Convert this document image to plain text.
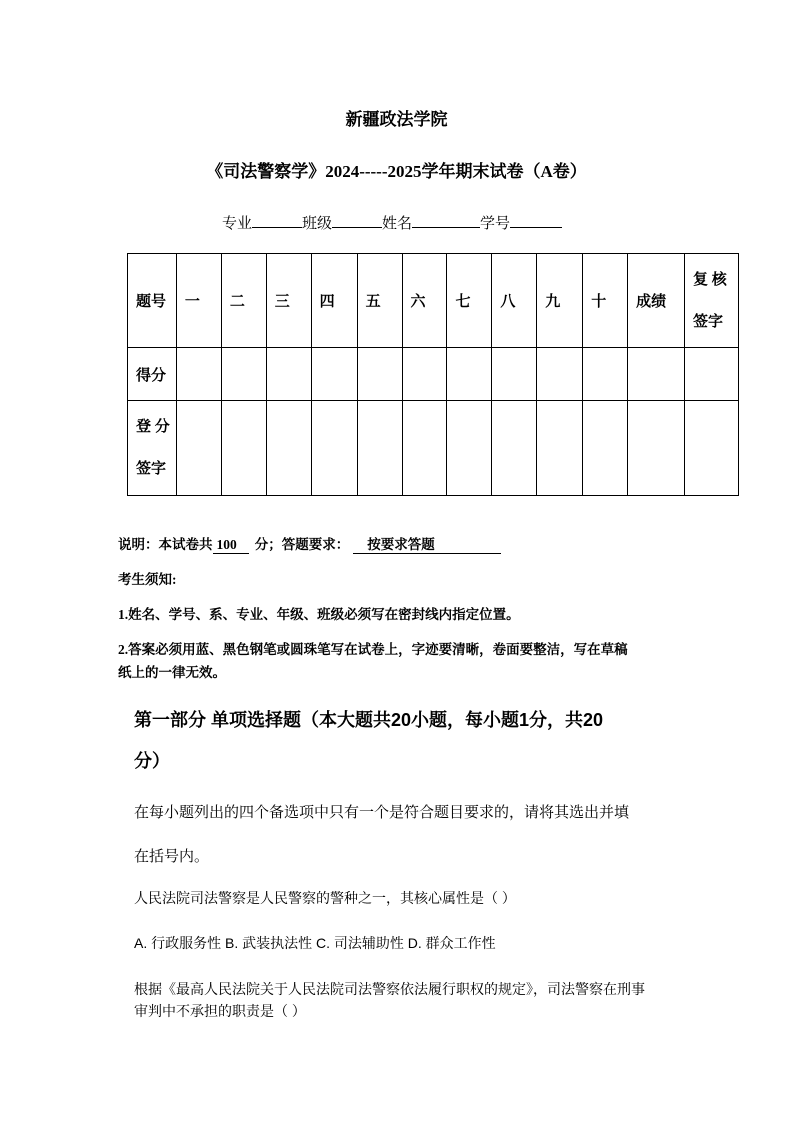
新疆政法学院
《司法警察学》2024-----2025学年期末试卷（A卷）
专业	班级	姓名	学号
题号	一	二	三	四	五	六	七	八	九	十	成绩	复 核
签字

得分												

登 分
签字												

说明：本试卷共 100 分；答题要求： 按要求答题
考生须知:
1.姓名、学号、系、专业、年级、班级必须写在密封线内指定位置。
2.答案必须用蓝、黑色钢笔或圆珠笔写在试卷上，字迹要清晰，卷面要整洁，写在草稿
纸上的一律无效。
第一部分 单项选择题（本大题共20小题，每小题1分，共20
分）
在每小题列出的四个备选项中只有一个是符合题目要求的，请将其选出并填
在括号内。
人民法院司法警察是人民警察的警种之一，其核心属性是（ ）
A. 行政服务性 B. 武装执法性 C. 司法辅助性 D. 群众工作性
根据《最高人民法院关于人民法院司法警察依法履行职权的规定》，司法警察在刑事
审判中不承担的职责是（ ）
